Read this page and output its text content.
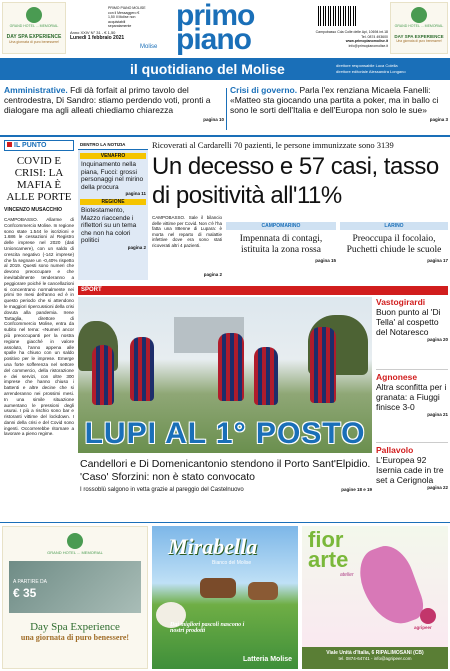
GRAND HOTEL ... MEMORIAL
DAY SPA EXPERIENCE
Una giornata di puro benessere!
Anno XXIV N° 31 - € 1,50
Lunedì 1 febbraio 2021
PRIMO PIANO MOLISE con il Messaggero € 1,50 Il Molise non acquistabili separatamente	primo
piano
Molise
Campobasso Cda Colle delle Api, 10694 int.18 Tel. 0874 493600
www.primopianomolise.it
info@primopianomolise.it
GRAND HOTEL ... MEMORIAL
DAY SPA EXPERIENCE
Una giornata di puro benessere!
il quotidiano del Molise	direttore responsabile Luca Colella
direttore editoriale Alessandra Longano
Amministrative. Fdi dà forfait al primo tavolo del centrodestra, Di Sandro: stiamo perdendo voti, pronti a dialogare ma agli alleati chiediamo chiarezza
pagina 10
Crisi di governo. Parla l'ex renziana Micaela Fanelli: «Matteo sta giocando una partita a poker, ma in ballo ci sono le sorti dell'Italia e dell'Europa non solo le sue»
pagina 3
IL PUNTO
COVID E CRISI: LA MAFIA È ALLE PORTE
VINCENZO MUSACCHIO
CAMPOBASSO. Allarme di Confcommercio Molise. In regione sono state 1.544 le iscrizioni e 1.686 le cessazioni al Registro delle imprese nel 2020 (dati Unioncamere), con un saldo di crescita negativo (-142 imprese) che fa segnare un -0,40% rispetto al 2019. Questi sono numeri che devono preoccupare e che inevitabilmente tenderanno a peggiorare poiché le cancellazioni si concentrano normalmente nei primi tre mesi dell'anno ed è in questo periodo che si attendono le maggiori ripercussioni della crisi dovuta alla pandemia. Irene Tartaglia, direttore di Confcommercio Molise, entra da subito nel tema: «Numeri ancor più preoccupanti per la nostra regione giacché in valore assoluto, l'anno appena alle spalle ha chiuso con un saldo positivo per le imprese. Emerge una forte sofferenza nel settore del commercio, della ristorazione e dei servizi, con oltre 300 imprese che hanno chiuso i battenti e altre decine che si arrenderanno nei prossimi mesi. In una simile situazione aumentano le pressioni degli usurai. I più a rischio sono bar e ristoranti vittime del lockdown. I danni della crisi e del Covid sono ingenti. Occorrerebbe ritornare a lavorare a pieno regime.
DENTRO LA NOTIZIA
VENAFRO
Inquinamento nella piana, Fucci: grossi personaggi nel mirino della procura
pagina 11
REGIONE
Biotestamento, Mazzo riaccende i riflettori su un tema che non ha colori politici
pagina 2
Ricoverati al Cardarelli 70 pazienti, le persone immunizzate sono 3139
Un decesso e 57 casi, tasso di positività all'11%
CAMPOBASSO. Sale il bilancio delle vittime per Covid. Non c'è l'ha fatta una 88enne di Lupara: è morta nel reparto di malattie infettive dove era sono stati ricoverati altri 4 pazienti.
pagina 2
CAMPOMARINO
Impennata di contagi, istituita la zona rossa
pagina 15
LARINO
Preoccupa il focolaio, Puchetti chiude le scuole
pagina 17
SPORT
LUPI AL 1° POSTO
Vastogirardi
Buon punto al 'Di Tella' al cospetto del Notaresco
pagina 20
Agnonese
Altra sconfitta per i granata: a Fiuggi finisce 3-0
pagina 21
Pallavolo
L'Europea 92 Isernia cade in tre set a Cerignola
pagina 22
Candellori e Di Domenicantonio stendono il Porto Sant'Elpidio. 'Caso' Sforzini: non è stato convocato
I rossoblù salgono in vetta grazie al pareggio del Castelnuovo	pagine 18 e 19
GRAND HOTEL ... MEMORIAL
A PARTIRE DA
€ 35
Day Spa Experience
una giornata di puro benessere!
Mirabella
Bianco del Molise
Dai migliori pascoli nascono i nostri prodotti
Latteria Molise
fior arte
atelier
agripeer
Viale Unità d'Italia, 6 RIPALIMOSANI (CB)
tel. 0874-64741 - info@agripeer.com
